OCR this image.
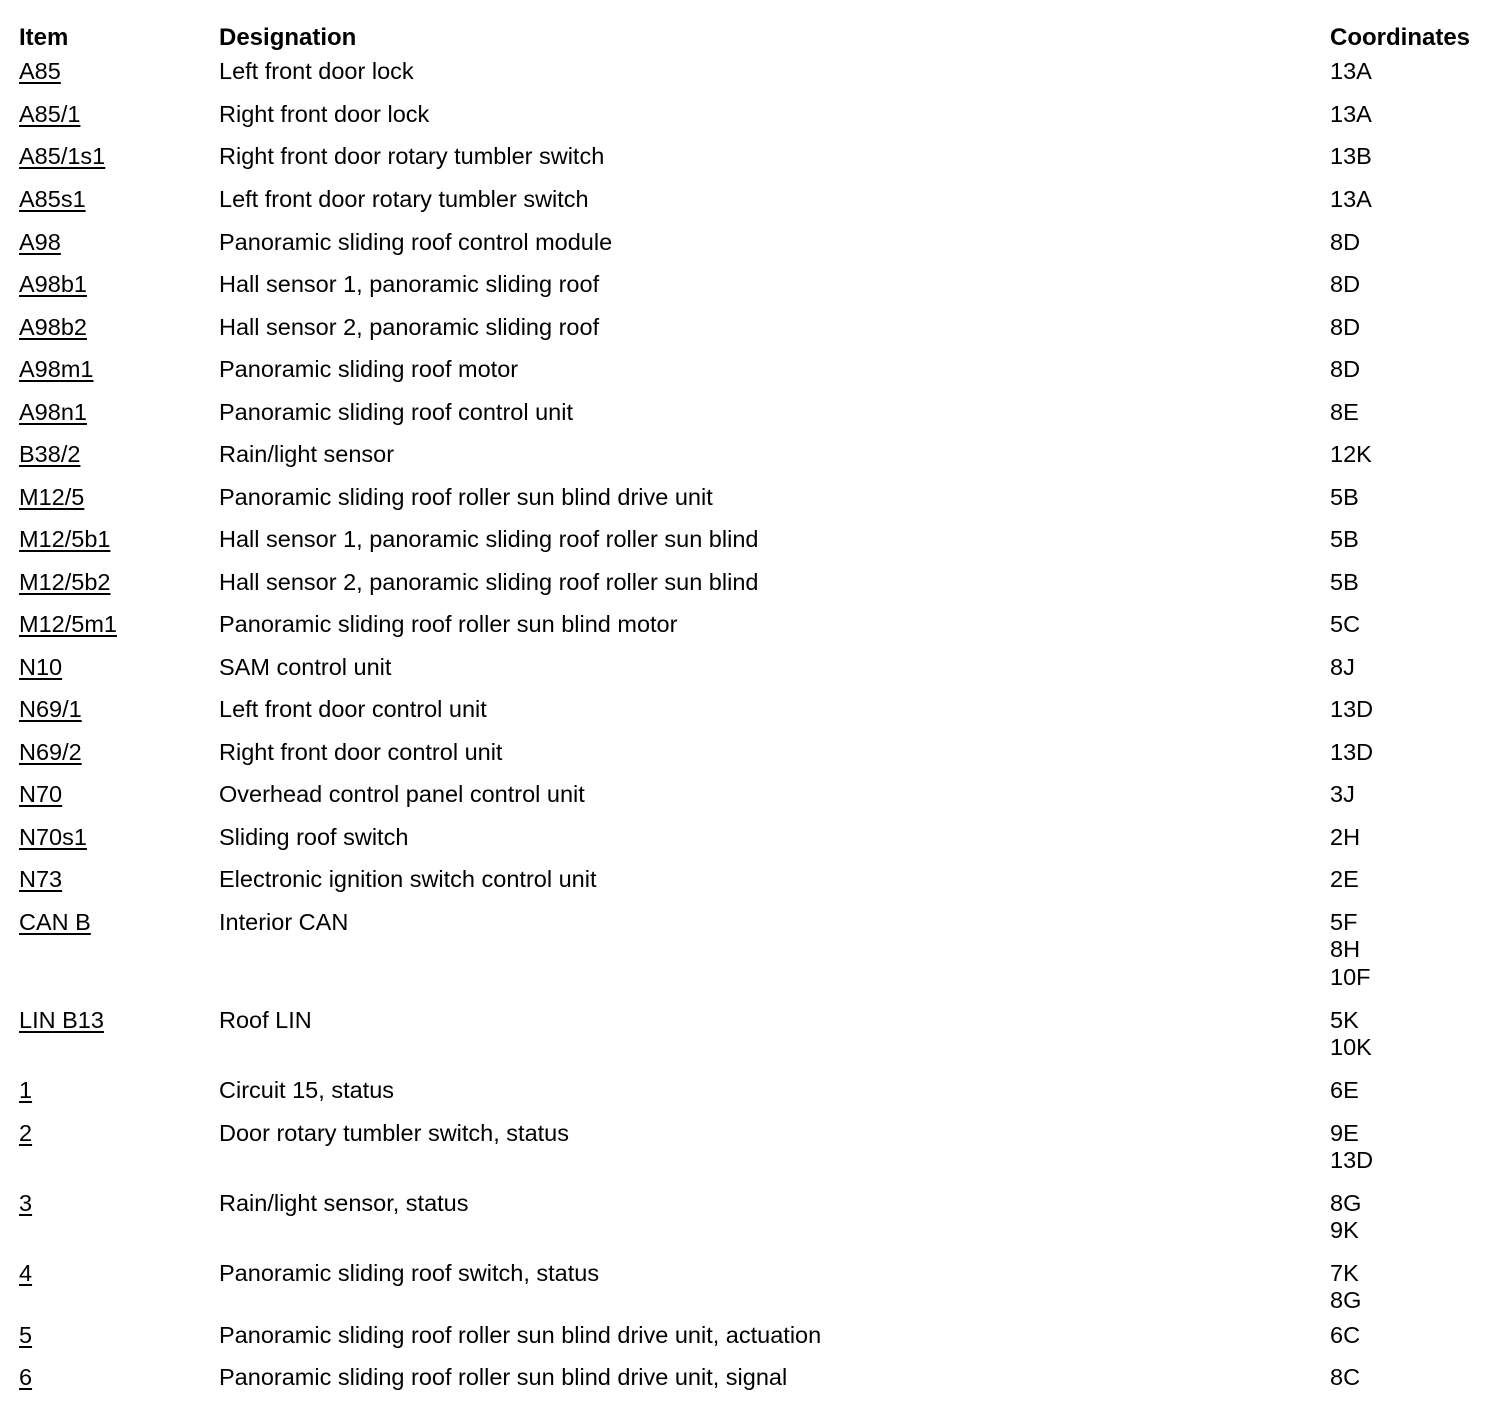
Item	Designation	Coordinates
A85	Left front door lock	13A
A85/1	Right front door lock	13A
A85/1s1	Right front door rotary tumbler switch	13B
A85s1	Left front door rotary tumbler switch	13A
A98	Panoramic sliding roof control module	8D
A98b1	Hall sensor 1, panoramic sliding roof	8D
A98b2	Hall sensor 2, panoramic sliding roof	8D
A98m1	Panoramic sliding roof motor	8D
A98n1	Panoramic sliding roof control unit	8E
B38/2	Rain/light sensor	12K
M12/5	Panoramic sliding roof roller sun blind drive unit	5B
M12/5b1	Hall sensor 1, panoramic sliding roof roller sun blind	5B
M12/5b2	Hall sensor 2, panoramic sliding roof roller sun blind	5B
M12/5m1	Panoramic sliding roof roller sun blind motor	5C
N10	SAM control unit	8J
N69/1	Left front door control unit	13D
N69/2	Right front door control unit	13D
N70	Overhead control panel control unit	3J
N70s1	Sliding roof switch	2H
N73	Electronic ignition switch control unit	2E
CAN B	Interior CAN	5F
8H
10F
LIN B13	Roof LIN	5K
10K
1	Circuit 15, status	6E
2	Door rotary tumbler switch, status	9E
13D
3	Rain/light sensor, status	8G
9K
4	Panoramic sliding roof switch, status	7K
8G
5	Panoramic sliding roof roller sun blind drive unit, actuation	6C
6	Panoramic sliding roof roller sun blind drive unit, signal	8C
